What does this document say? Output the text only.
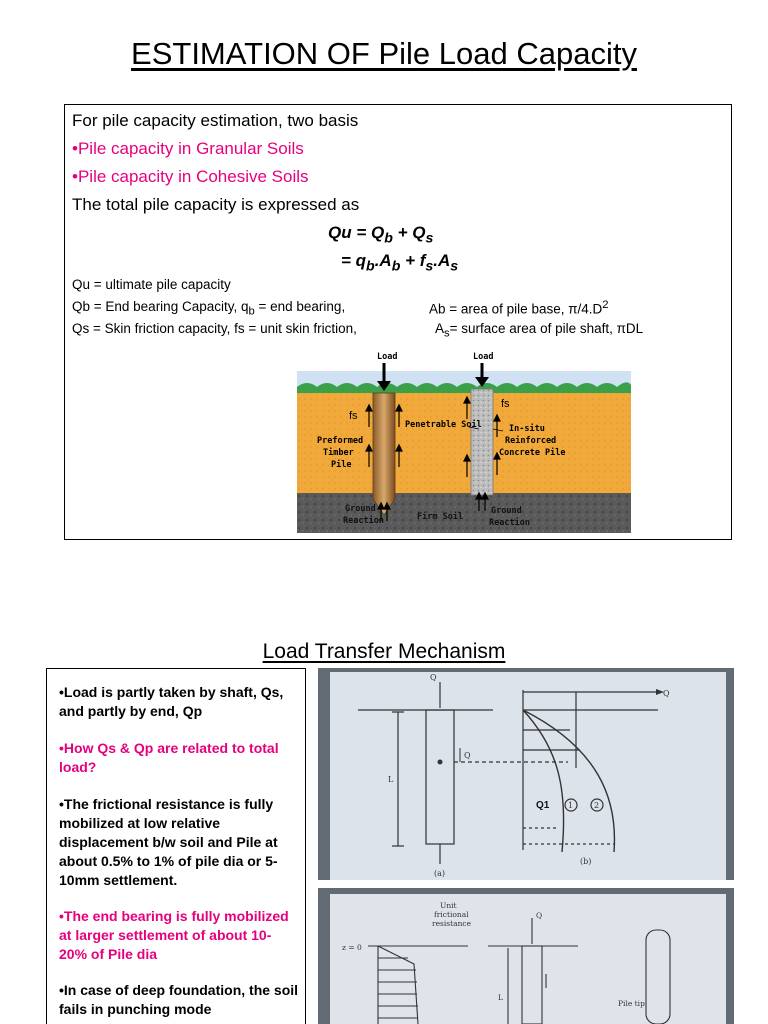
ESTIMATION OF Pile Load Capacity
For pile capacity estimation, two basis
•Pile capacity in Granular Soils
•Pile capacity in Cohesive Soils
The total pile capacity is expressed as
$Qu = Q_b + Q_s$
= $q_b.A_b + f_s.A_s$
Qu = ultimate pile capacity
Qb = End bearing Capacity, $q_b$ = end bearing,	Ab = area of pile base, $\pi/4.D^2$
Qs = Skin friction capacity, fs = unit skin friction,	$A_s=$ surface area of pile shaft, πDL
Load	Load
Penetrable Soil
Preformed
Timber
Pile
In-situ
Reinforced
Concrete Pile
Firm Soil
Ground
Reaction
Ground
Reaction
fs
fs
Load Transfer Mechanism
•Load is partly taken by shaft, Qs, and partly by end, Qp
•How Qs & Qp are related to total load?
•The frictional resistance is fully mobilized at low relative displacement b/w soil and Pile at about 0.5% to 1% of pile dia or 5-10mm settlement.
•The end bearing is fully mobilized at larger settlement of about 10-20% of Pile dia
•In case of deep foundation, the soil fails in punching mode
Q
Q
L
Q
1	2
(a)
(b)
Q1
Unit
frictional
resistance
z = 0
Q
L
Pile tip
